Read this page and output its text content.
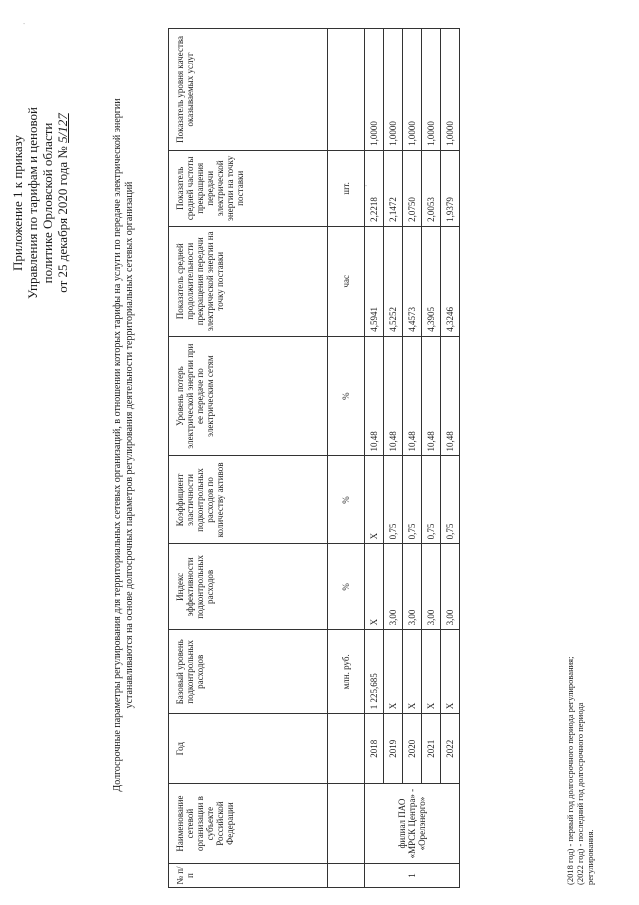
Приложение 1 к приказу Управления по тарифам и ценовой политике Орловской области от 25 декабря 2020 года № 5/127	Долгосрочные параметры регулирования для территориальных сетевых организаций, в отношении которых тарифы на услуги по передаче электрической энергии устанавливаются на основе долгосрочных параметров регулирования деятельности территориальных сетевых организаций
№ п/п	Наименование сетевой организации в субъекте Российской Федерации	Год	Базовый уровень подконтрольных расходов	Индекс эффективности подконтрольных расходов	Коэффициент эластичности подконтрольных расходов по количеству активов	Уровень потерь электрической энергии при ее передаче по электрическим сетям	Показатель средней продолжительности прекращения передачи электрической энергии на точку поставки	Показатель средней частоты прекращения передачи электрической энергии на точку поставки	Показатель уровня качества оказываемых услуг
			млн. руб.	%	%	%	час	шт.	
1	филиал ПАО «МРСК Центра» - «Орелэнерго»	2018	1 225,685	X	X	10,48	4,5941	2,2218	1,0000
		2019	X	3,00	0,75	10,48	4,5252	2,1472	1,0000
		2020	X	3,00	0,75	10,48	4,4573	2,0750	1,0000
		2021	X	3,00	0,75	10,48	4,3905	2,0053	1,0000
		2022	X	3,00	0,75	10,48	4,3246	1,9379	1,0000
(2018 год) - первый год долгосрочного периода регулирования; (2022 год) - последний год долгосрочного периода регулирования.
˙
·
